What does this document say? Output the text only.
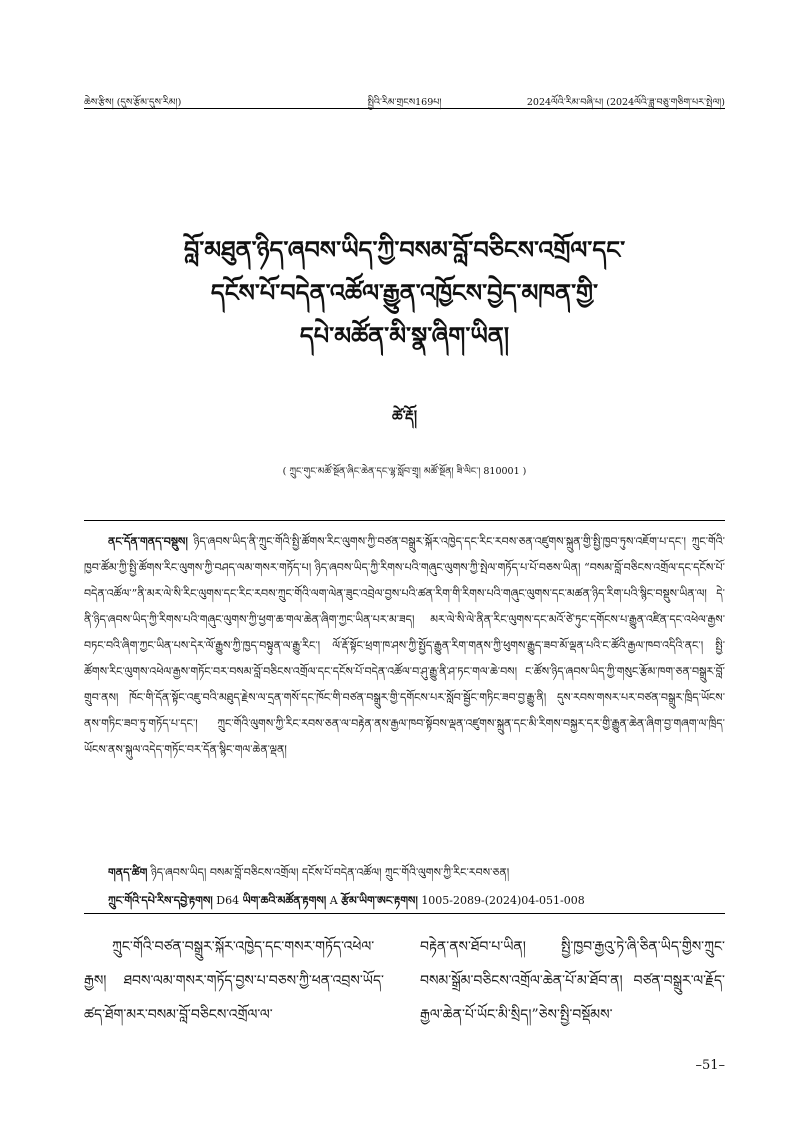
ཆེས་རྩིས། (དུས་རྩོམ་དུས་རིམ།)	སྤྱིའི་རིམ་གྲངས169པ།	2024ལོའི་རིམ་བཞི་པ། (2024ལོའི་ཟླ་བཅུ་གཅིག་པར་སྤེལ།)
བློ་མཐུན་ཉིད་ཞབས་ཡིད་ཀྱི་བསམ་བློ་བཅིངས་འགྲོལ་དང་
དངོས་པོ་བདེན་འཚོལ་རྒྱུན་འཁྱོངས་བྱེད་མཁན་གྱི་
དཔེ་མཚོན་མི་སྣ་ཞིག་ཡིན།
ཚེ་རྡོ།
( ཀྲུང་གུང་མཚོ་སྔོན་ཞིང་ཆེན་དང་ལྷ་སློབ་གྲྭ། མཚོ་སྔོན། ཟི་ལིང་། 810001 )
ནང་དོན་གནད་བསྡུས། ཉིད་ཞབས་ཡིད་ནི་ཀྲུང་གོའི་སྤྱི་ཚོགས་རིང་ལུགས་ཀྱི་བཙན་བསྒྲུར་སྐོར་འཁྱེད་དང་རིང་རབས་ཅན་འཛུགས་སྐྲུན་གྱི་སྤྱི་ཁྱབ་ཏུས་འཇོག་པ་དང་། ཀྲུང་གོའི་ཁྱབ་ཚོམ་ཀྱི་སྤྱི་ཚོགས་རིང་ལུགས་ཀྱི་བཤད་ལམ་གསར་གཏོད་པ། ཉིད་ཞབས་ཡིད་ཀྱི་རིགས་པའི་གཞུང་ལུགས་ཀྱི་སྤེལ་གཏོད་པ་པོ་བཅས་ཡིན། “བསམ་བློ་བཅིངས་འགྲོལ་དང་དངོས་པོ་བདེན་འཚོལ་”ནི་མར་ལེ་སི་རིང་ལུགས་དང་རིང་རབས་ཀྲུང་གོའི་ལག་ལེན་ཟུང་འབྲེལ་བྱས་པའི་ཚན་རིག་གི་རིགས་པའི་གཞུང་ལུགས་དང་མཚན་ཉིད་རིག་པའི་སྙིང་བསྡུས་ཡིན་ལ། དེ་ནི་ཉིད་ཞབས་ཡིད་ཀྱི་རིགས་པའི་གཞུང་ལུགས་ཀྱི་ཕྱག་ཆ་གལ་ཆེན་ཞིག་ཀྱང་ཡིན་པར་མ་ཟད། མར་ལེ་སི་ལེ་ནིན་རིང་ལུགས་དང་མའོ་ཙེ་ཏུང་དགོངས་པ་རྒྱུན་འཛིན་དང་འཕེལ་རྒྱས་བཏང་བའི་ཞིག་ཀྱང་ཡིན་པས་དེར་ལོ་རྒྱུས་ཀྱི་ཁྱད་བསྟུན་ལ་རྒྱུ་རིང་། ལོ་རྡོ་སྟོང་ཕྲག་ཁ་ཤས་ཀྱི་སྤྱོད་རྒྱུན་རིག་གནས་ཀྱི་ཕུགས་རྒྱུད་ཟབ་མོ་ལྡན་པའི་ང་ཚོའི་རྒྱལ་ཁབ་འདིའི་ནང་། སྤྱི་ཚོགས་རིང་ལུགས་འཕེལ་རྒྱས་གཏོང་བར་བསམ་བློ་བཅིངས་འགྲོལ་དང་དངོས་པོ་བདེན་འཚོལ་བ་ཤུ་རྒྱུ་ནི་ཤ་ཏང་གལ་ཆེ་བས། ང་ཚོས་ཉིད་ཞབས་ཡིད་ཀྱི་གསུང་རྩོམ་ཁག་ཅན་བསྒྲུར་བློ་གྲུབ་ནས། ཁོང་གི་དོན་སྟོང་འཇུ་བའི་མཐུད་རྗེས་ལ་དྲན་གསོ་དང་ཁོང་གི་བཙན་བསྒྲུར་གྱི་དགོངས་པར་སློབ་སྦྱོང་གཏིང་ཟབ་བྱ་རྒྱུ་ནི། དུས་རབས་གསར་པར་བཙན་བསྒྲུར་ཁྲིད་ཡོངས་ནས་གཏིང་ཟབ་ཏུ་གཏོད་པ་དང་། ཀྲུང་གོའི་ལུགས་ཀྱི་རིང་རབས་ཅན་ལ་བརྟེན་ནས་རྒྱལ་ཁབ་སྟོབས་ལྡན་འཛུགས་སྐྲུན་དང་མི་རིགས་བསྐྱར་དར་གྱི་རྒྱུན་ཆེན་ཞིག་བྱ་གཞག་ལ་ཁྲིད་ཡོངས་ནས་སྐུལ་འདེད་གཏོང་བར་དོན་སྙིང་གལ་ཆེན་ལྡན།
གནད་ཚིག ཉིད་ཞབས་ཡིད། བསམ་བློ་བཅིངས་འགྲོལ། དངོས་པོ་བདེན་འཚོལ། ཀྲུང་གོའི་ལུགས་ཀྱི་རིང་རབས་ཅན།
ཀྲུང་གོའི་དཔེ་རིས་དབྱེ་རྟགས། D64 ཡིག་ཆའི་མཚོན་རྟགས། A རྩོམ་ཡིག་ཨང་རྟགས། 1005-2089-(2024)04-051-008
ཀྲུང་གོའི་བཙན་བསྒྲུར་སྐོར་འཁྱེད་དང་གསར་གཏོད་འཕེལ་རྒྱས། ཐབས་ལམ་གསར་གཏོད་བྱས་པ་བཅས་ཀྱི་ཕན་འབྲས་ཡོད་ཚད་ཐོག་མར་བསམ་བློ་བཅིངས་འགྲོལ་ལ་
བརྟེན་ནས་ཐོབ་པ་ཡིན། སྤྱི་ཁྱབ་རྒྱའུ་ཏེ་ཞི་ཅིན་ཡིད་གྱིས་ཀྲུང་བསམ་སྒྲོམ་བཅིངས་འགྲོལ་ཆེན་པོ་མ་ཐོབ་ན། བཙན་བསྒྲུར་ལ་རྗོད་རྒྱལ་ཆེན་པོ་ཡོང་མི་སྲིད།”ཅེས་སྤྱི་བསྡོམས་
–51–
